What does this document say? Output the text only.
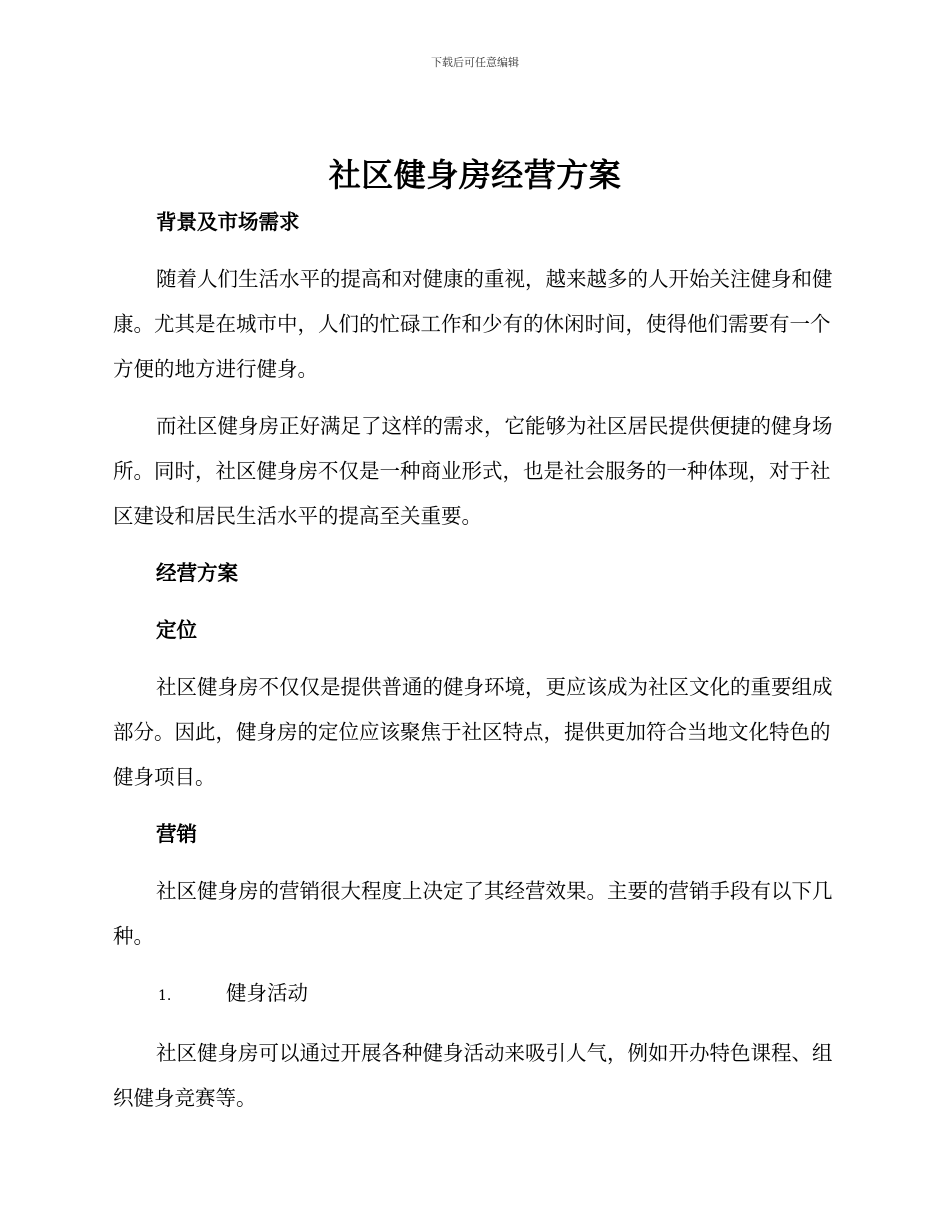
下载后可任意编辑
社区健身房经营方案

背景及市场需求

随着人们生活水平的提高和对健康的重视，越来越多的人开始关注健身和健康。尤其是在城市中，人们的忙碌工作和少有的休闲时间，使得他们需要有一个方便的地方进行健身。

而社区健身房正好满足了这样的需求，它能够为社区居民提供便捷的健身场所。同时，社区健身房不仅是一种商业形式，也是社会服务的一种体现，对于社区建设和居民生活水平的提高至关重要。

经营方案

定位

社区健身房不仅仅是提供普通的健身环境，更应该成为社区文化的重要组成部分。因此，健身房的定位应该聚焦于社区特点，提供更加符合当地文化特色的健身项目。

营销

社区健身房的营销很大程度上决定了其经营效果。主要的营销手段有以下几种。

1.	健身活动

社区健身房可以通过开展各种健身活动来吸引人气，例如开办特色课程、组织健身竞赛等。
